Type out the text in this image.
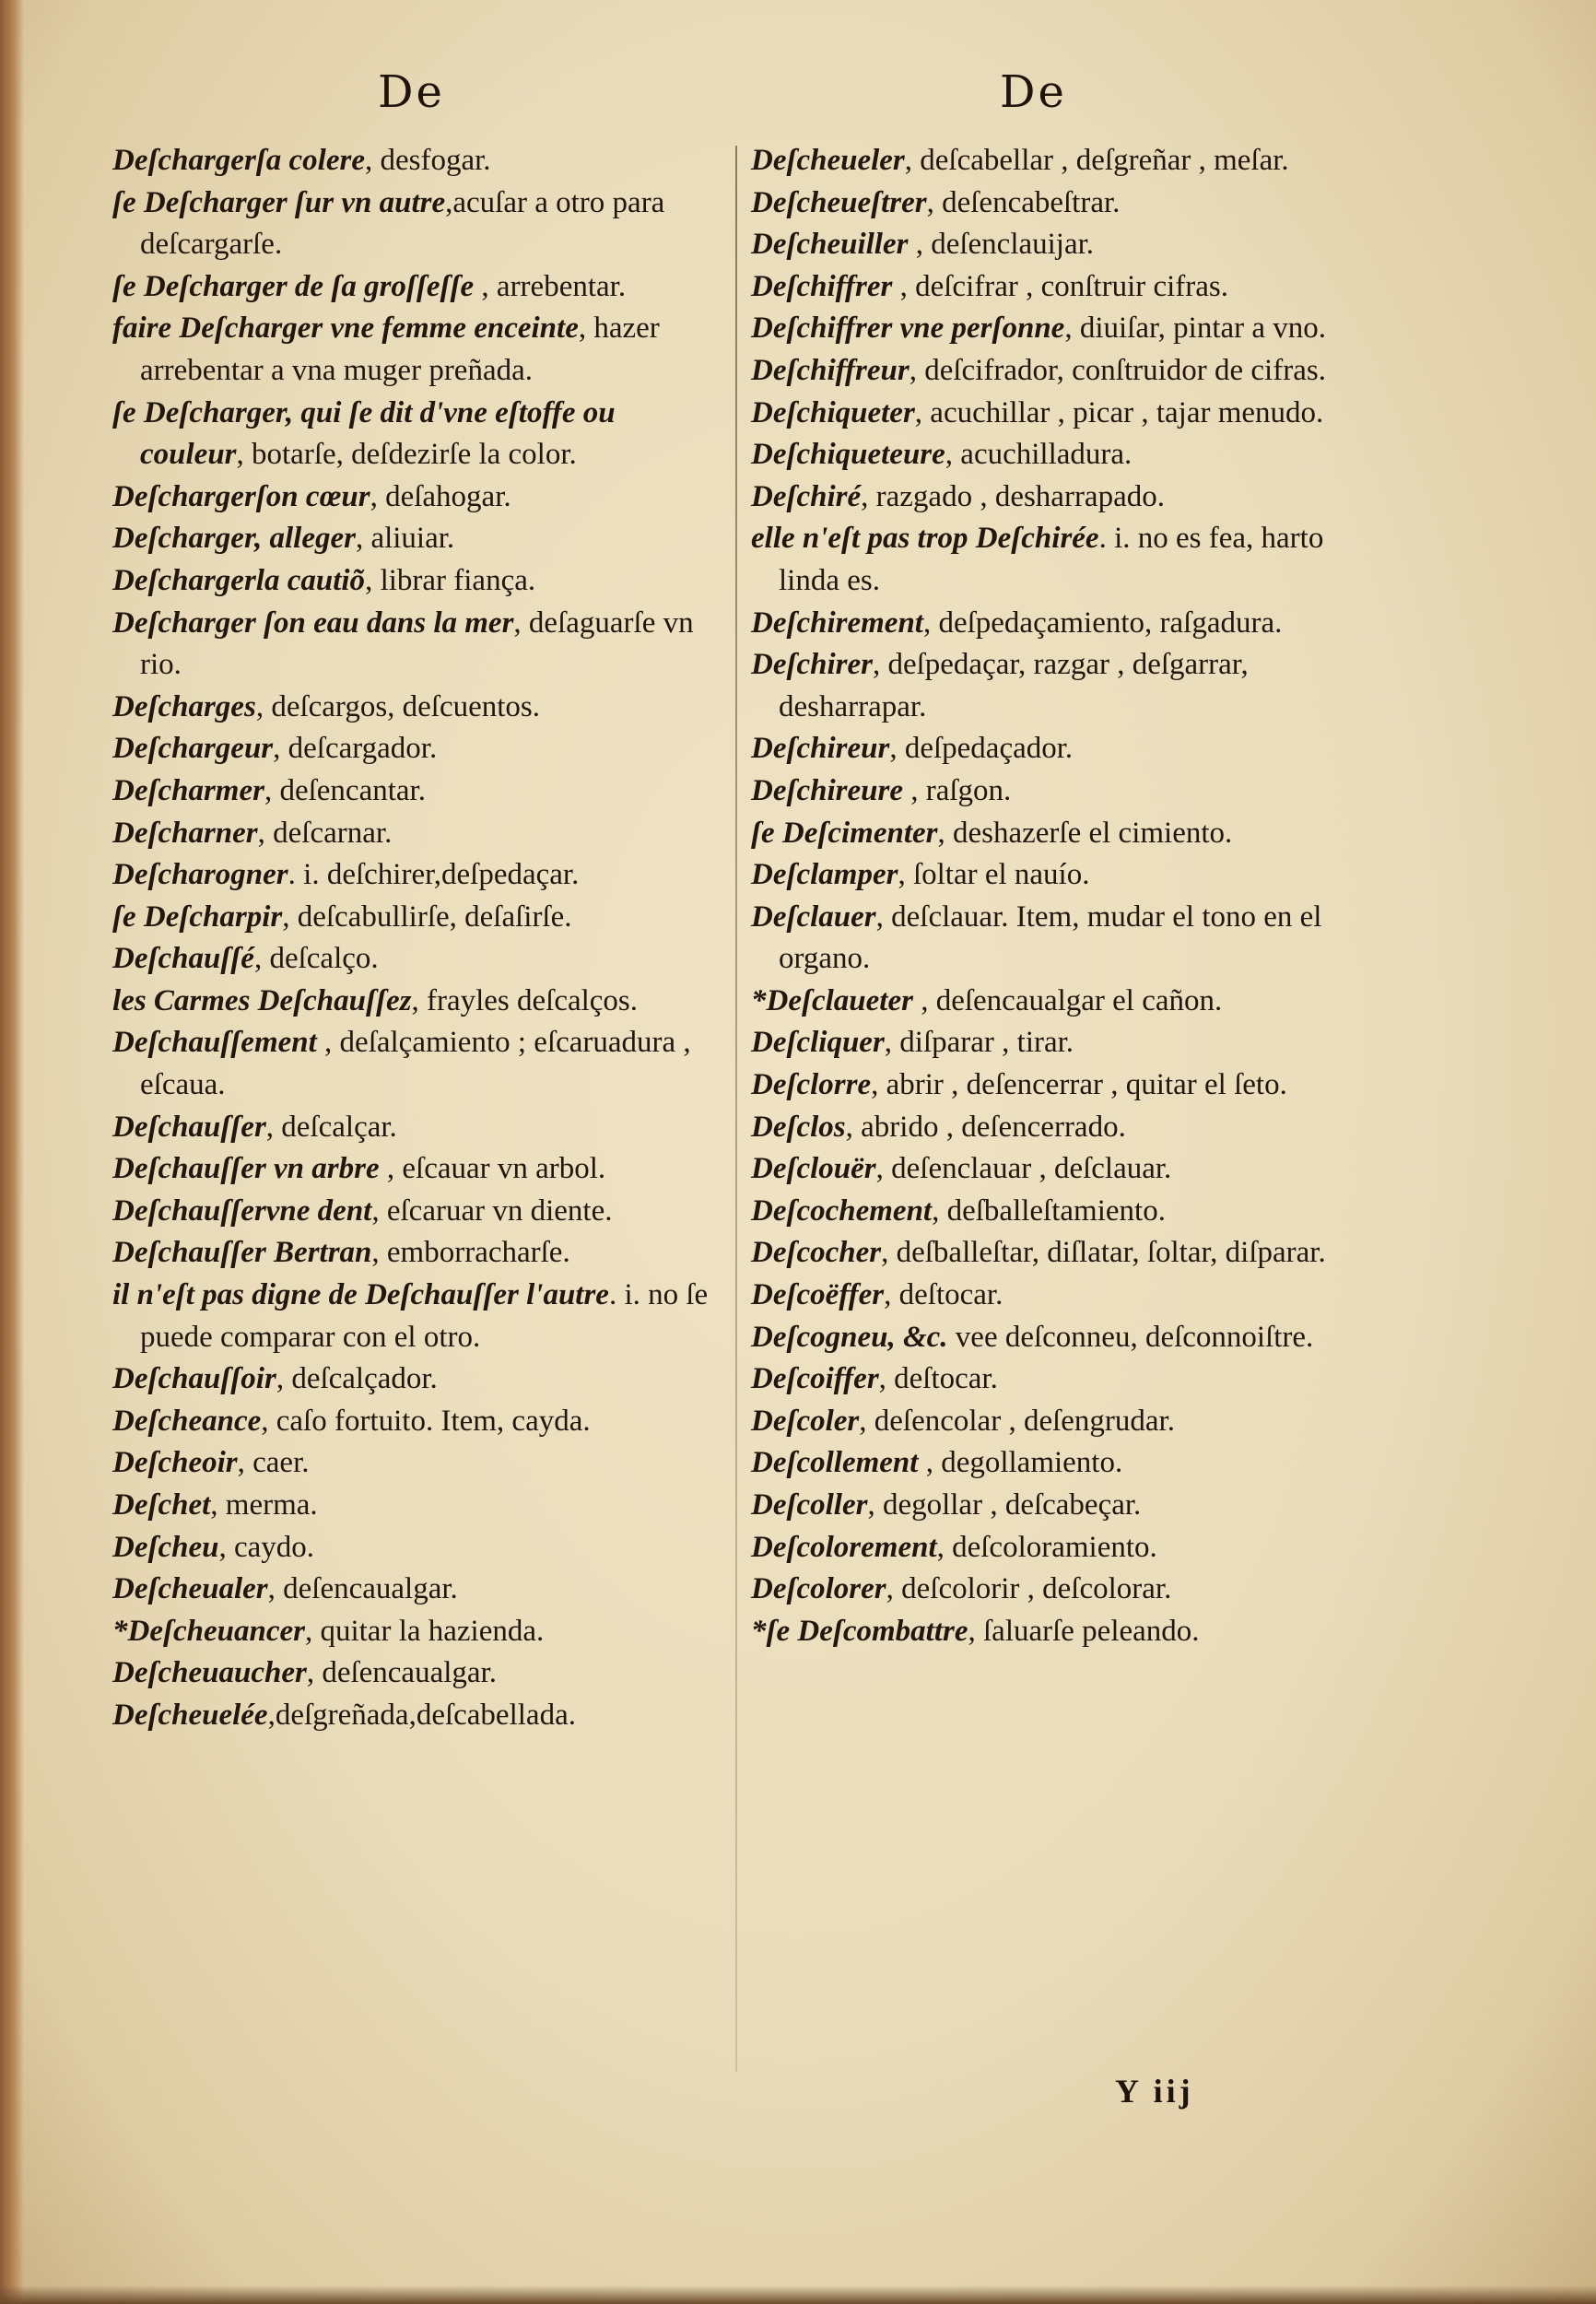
De	De

Deſchargerſa colere, desfogar.

ſe Deſcharger ſur vn autre,acuſar a otro para deſcargarſe.

ſe Deſcharger de ſa groſſeſſe , arrebentar.

faire Deſcharger vne femme enceinte, hazer arrebentar a vna muger preñada.

ſe Deſcharger, qui ſe dit d'vne eſtoffe ou couleur, botarſe, deſdezirſe la color.

Deſchargerſon cœur, deſahogar.

Deſcharger, alleger, aliuiar.

Deſchargerla cautiõ, librar fiança.

Deſcharger ſon eau dans la mer, deſaguarſe vn rio.

Deſcharges, deſcargos, deſcuentos.

Deſchargeur, deſcargador.

Deſcharmer, deſencantar.

Deſcharner, deſcarnar.

Deſcharogner. i. deſchirer,deſpedaçar.

ſe Deſcharpir, deſcabullirſe, deſaſirſe.

Deſchauſſé, deſcalço.

les Carmes Deſchauſſez, frayles deſcalços.

Deſchauſſement , deſalçamiento ; eſcaruadura , eſcaua.

Deſchauſſer, deſcalçar.

Deſchauſſer vn arbre , eſcauar vn arbol.

Deſchauſſervne dent, eſcaruar vn diente.

Deſchauſſer Bertran, emborracharſe.

il n'eſt pas digne de Deſchauſſer l'autre. i. no ſe puede comparar con el otro.

Deſchauſſoir, deſcalçador.

Deſcheance, caſo fortuito. Item, cayda.

Deſcheoir, caer.

Deſchet, merma.

Deſcheu, caydo.

Deſcheualer, deſencaualgar.

*Deſcheuancer, quitar la hazienda.

Deſcheuaucher, deſencaualgar.

Deſcheuelée,deſgreñada,deſcabellada.

Deſcheueler, deſcabellar , deſgreñar , meſar.

Deſcheueſtrer, deſencabeſtrar.

Deſcheuiller , deſenclauijar.

Deſchiffrer , deſcifrar , conſtruir cifras.

Deſchiffrer vne perſonne, diuiſar, pintar a vno.

Deſchiffreur, deſcifrador, conſtruidor de cifras.

Deſchiqueter, acuchillar , picar , tajar menudo.

Deſchiqueteure, acuchilladura.

Deſchiré, razgado , desharrapado.

elle n'eſt pas trop Deſchirée. i. no es fea, harto linda es.

Deſchirement, deſpedaçamiento, raſgadura.

Deſchirer, deſpedaçar, razgar , deſgarrar, desharrapar.

Deſchireur, deſpedaçador.

Deſchireure , raſgon.

ſe Deſcimenter, deshazerſe el cimiento.

Deſclamper, ſoltar el nauío.

Deſclauer, deſclauar. Item, mudar el tono en el organo.

*Deſclaueter , deſencaualgar el cañon.

Deſcliquer, diſparar , tirar.

Deſclorre, abrir , deſencerrar , quitar el ſeto.

Deſclos, abrido , deſencerrado.

Deſclouër, deſenclauar , deſclauar.

Deſcochement, deſballeſtamiento.

Deſcocher, deſballeſtar, diſlatar, ſoltar, diſparar.

Deſcoëffer, deſtocar.

Deſcogneu, &c. vee deſconneu, deſconnoiſtre.

Deſcoiffer, deſtocar.

Deſcoler, deſencolar , deſengrudar.

Deſcollement , degollamiento.

Deſcoller, degollar , deſcabeçar.

Deſcolorement, deſcoloramiento.

Deſcolorer, deſcolorir , deſcolorar.

*ſe Deſcombattre, ſaluarſe peleando.

Y iij
